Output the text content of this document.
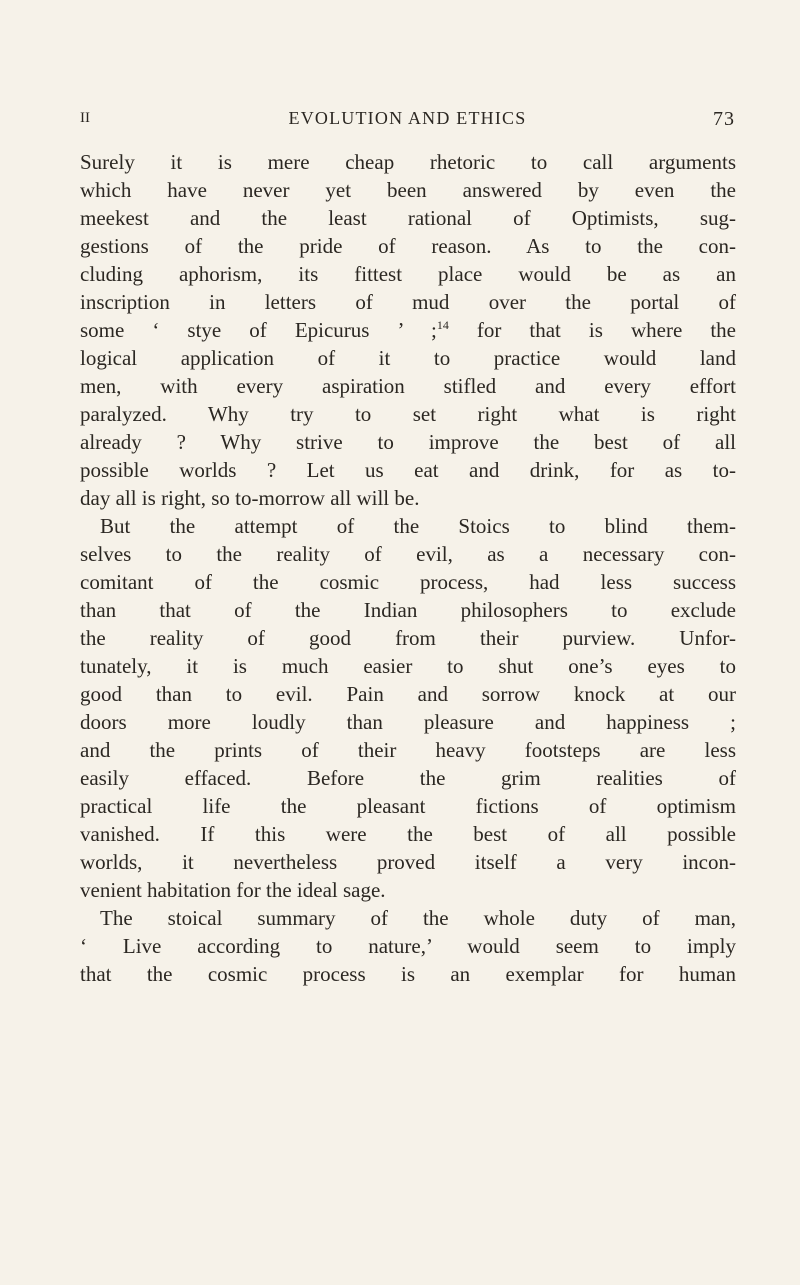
II	EVOLUTION AND ETHICS	73
Surely it is mere cheap rhetoric to call arguments
which have never yet been answered by even the
meekest and the least rational of Optimists, sug-
gestions of the pride of reason. As to the con-
cluding aphorism, its fittest place would be as an
inscription in letters of mud over the portal of
some ‘ stye of Epicurus ’ ;$^{14}$ for that is where the
logical application of it to practice would land
men, with every aspiration stifled and every effort
paralyzed. Why try to set right what is right
already ? Why strive to improve the best of all
possible worlds ? Let us eat and drink, for as to-
day all is right, so to-morrow all will be.
But the attempt of the Stoics to blind them-
selves to the reality of evil, as a necessary con-
comitant of the cosmic process, had less success
than that of the Indian philosophers to exclude
the reality of good from their purview. Unfor-
tunately, it is much easier to shut one’s eyes to
good than to evil. Pain and sorrow knock at our
doors more loudly than pleasure and happiness ;
and the prints of their heavy footsteps are less
easily effaced. Before the grim realities of
practical life the pleasant fictions of optimism
vanished. If this were the best of all possible
worlds, it nevertheless proved itself a very incon-
venient habitation for the ideal sage.
The stoical summary of the whole duty of man,
‘ Live according to nature,’ would seem to imply
that the cosmic process is an exemplar for human
